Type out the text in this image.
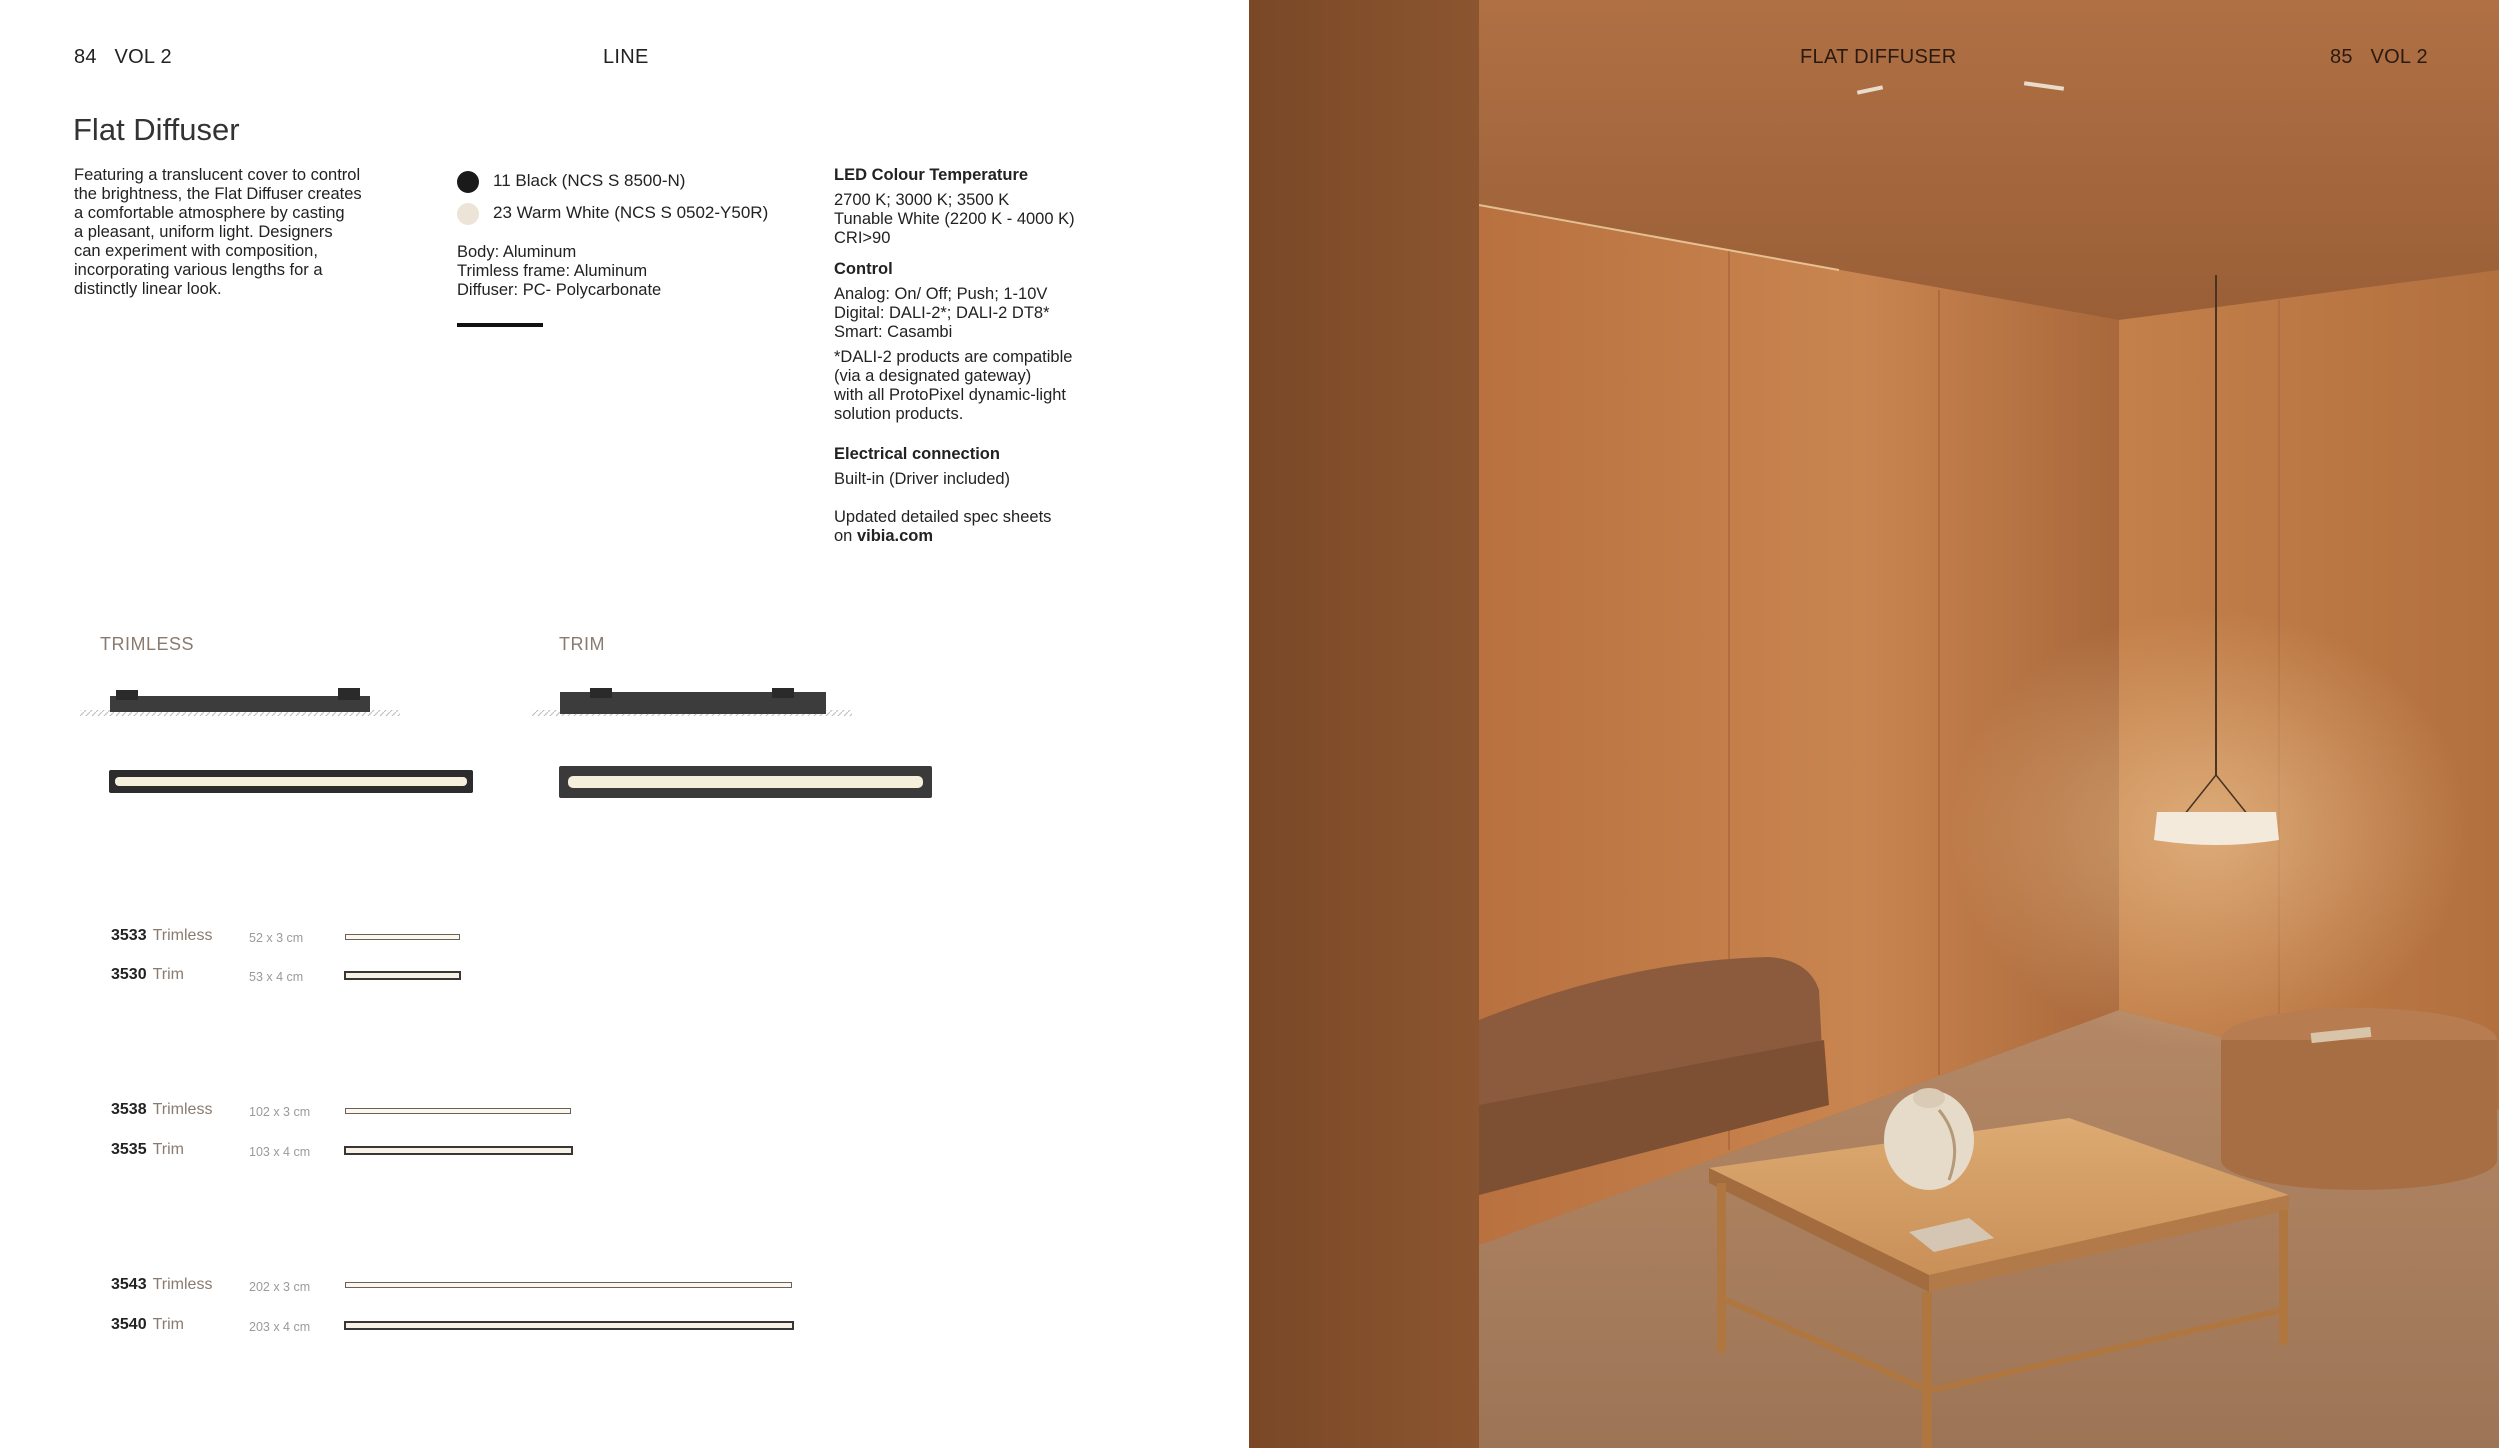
84 VOL 2	LINE
Flat Diffuser
Featuring a translucent cover to control
the brightness, the Flat Diffuser creates
a comfortable atmosphere by casting
a pleasant, uniform light. Designers
can experiment with composition,
incorporating various lengths for a
distinctly linear look.
11 Black (NCS S 8500-N)
23 Warm White (NCS S 0502-Y50R)
Body: Aluminum
Trimless frame: Aluminum
Diffuser: PC- Polycarbonate
LED Colour Temperature
2700 K; 3000 K; 3500 K
Tunable White (2200 K - 4000 K)
CRI>90
Control
Analog: On/ Off; Push; 1-10V
Digital: DALI-2*; DALI-2 DT8*
Smart: Casambi
*DALI-2 products are compatible
(via a designated gateway)
with all ProtoPixel dynamic-light
solution products.
Electrical connection
Built-in (Driver included)
Updated detailed spec sheets
on vibia.com
TRIMLESS	TRIM
3533 Trimless	52 x 3 cm
3530 Trim	53 x 4 cm
3538 Trimless	102 x 3 cm
3535 Trim	103 x 4 cm
3543 Trimless	202 x 3 cm
3540 Trim	203 x 4 cm
FLAT DIFFUSER	85 VOL 2
